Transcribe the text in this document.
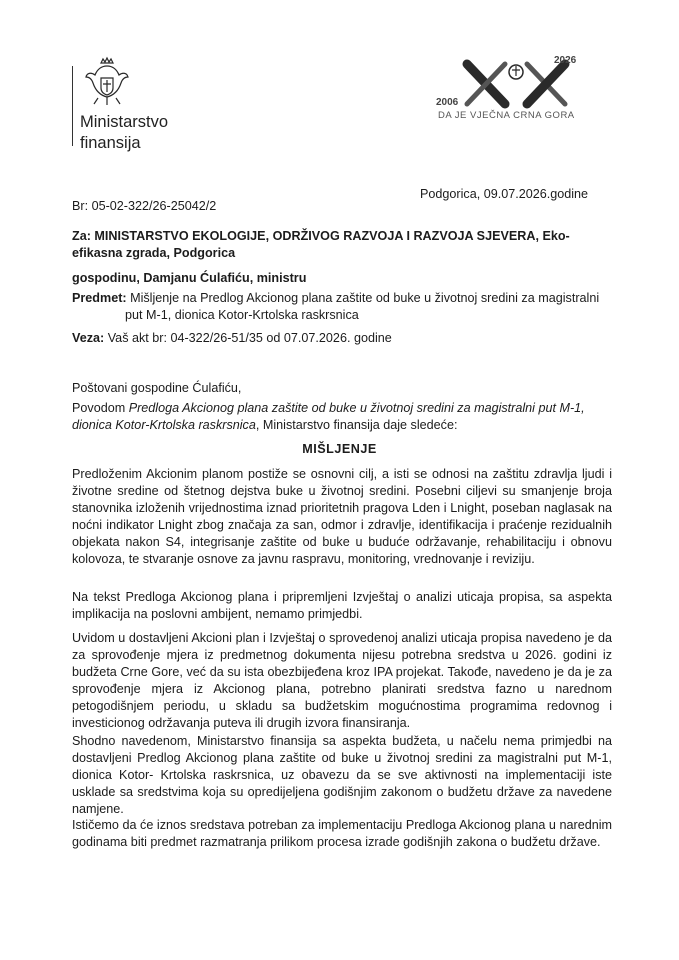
Ministarstvo
finansija
2026
2006
DA JE VJEČNA CRNA GORA
Br: 05-02-322/26-25042/2
Podgorica, 09.07.2026.godine

Za: MINISTARSTVO EKOLOGIJE, ODRŽIVOG RAZVOJA I RAZVOJA SJEVERA, Eko-

efikasna zgrada, Podgorica

gospodinu, Damjanu Ćulafiću, ministru

Predmet: Mišljenje na Predlog Akcionog plana zaštite od buke u životnoj sredini za magistralni

put M-1, dionica Kotor-Krtolska raskrsnica

Veza: Vaš akt br: 04-322/26-51/35 od 07.07.2026. godine

Poštovani gospodine Ćulafiću,

Povodom Predloga Akcionog plana zaštite od buke u životnoj sredini za magistralni put M-1, dionica Kotor-Krtolska raskrsnica, Ministarstvo finansija daje sledeće:

MIŠLJENJE

Predloženim Akcionim planom postiže se osnovni cilj, a isti se odnosi na zaštitu zdravlja ljudi i životne sredine od štetnog dejstva buke u životnoj sredini. Posebni ciljevi su smanjenje broja stanovnika izloženih vrijednostima iznad prioritetnih pragova Lden i Lnight, poseban naglasak na noćni indikator Lnight zbog značaja za san, odmor i zdravlje, identifikacija i praćenje rezidualnih objekata nakon S4, integrisanje zaštite od buke u buduće održavanje, rehabilitaciju i obnovu kolovoza, te stvaranje osnove za javnu raspravu, monitoring, vrednovanje i reviziju.

Na tekst Predloga Akcionog plana i pripremljeni Izvještaj o analizi uticaja propisa, sa aspekta implikacija na poslovni ambijent, nemamo primjedbi.

Uvidom u dostavljeni Akcioni plan i Izvještaj o sprovedenoj analizi uticaja propisa navedeno je da za sprovođenje mjera iz predmetnog dokumenta nijesu potrebna sredstva u 2026. godini iz budžeta Crne Gore, već da su ista obezbijeđena kroz IPA projekat. Takođe, navedeno je da je za sprovođenje mjera iz Akcionog plana, potrebno planirati sredstva fazno u narednom petogodišnjem periodu, u skladu sa budžetskim mogućnostima programima redovnog i investicionog održavanja puteva ili drugih izvora finansiranja.

Shodno navedenom, Ministarstvo finansija sa aspekta budžeta, u načelu nema primjedbi na dostavljeni Predlog Akcionog plana zaštite od buke u životnoj sredini za magistralni put M-1, dionica Kotor- Krtolska raskrsnica, uz obavezu da se sve aktivnosti na implementaciji iste uskladе sa sredstvima koja su opredijeljena godišnjim zakonom o budžetu države za navedene namjene.

Ističemo da će iznos sredstava potreban za implementaciju Predloga Akcionog plana u narednim godinama biti predmet razmatranja prilikom procesa izrade godišnjih zakona o budžetu države.
